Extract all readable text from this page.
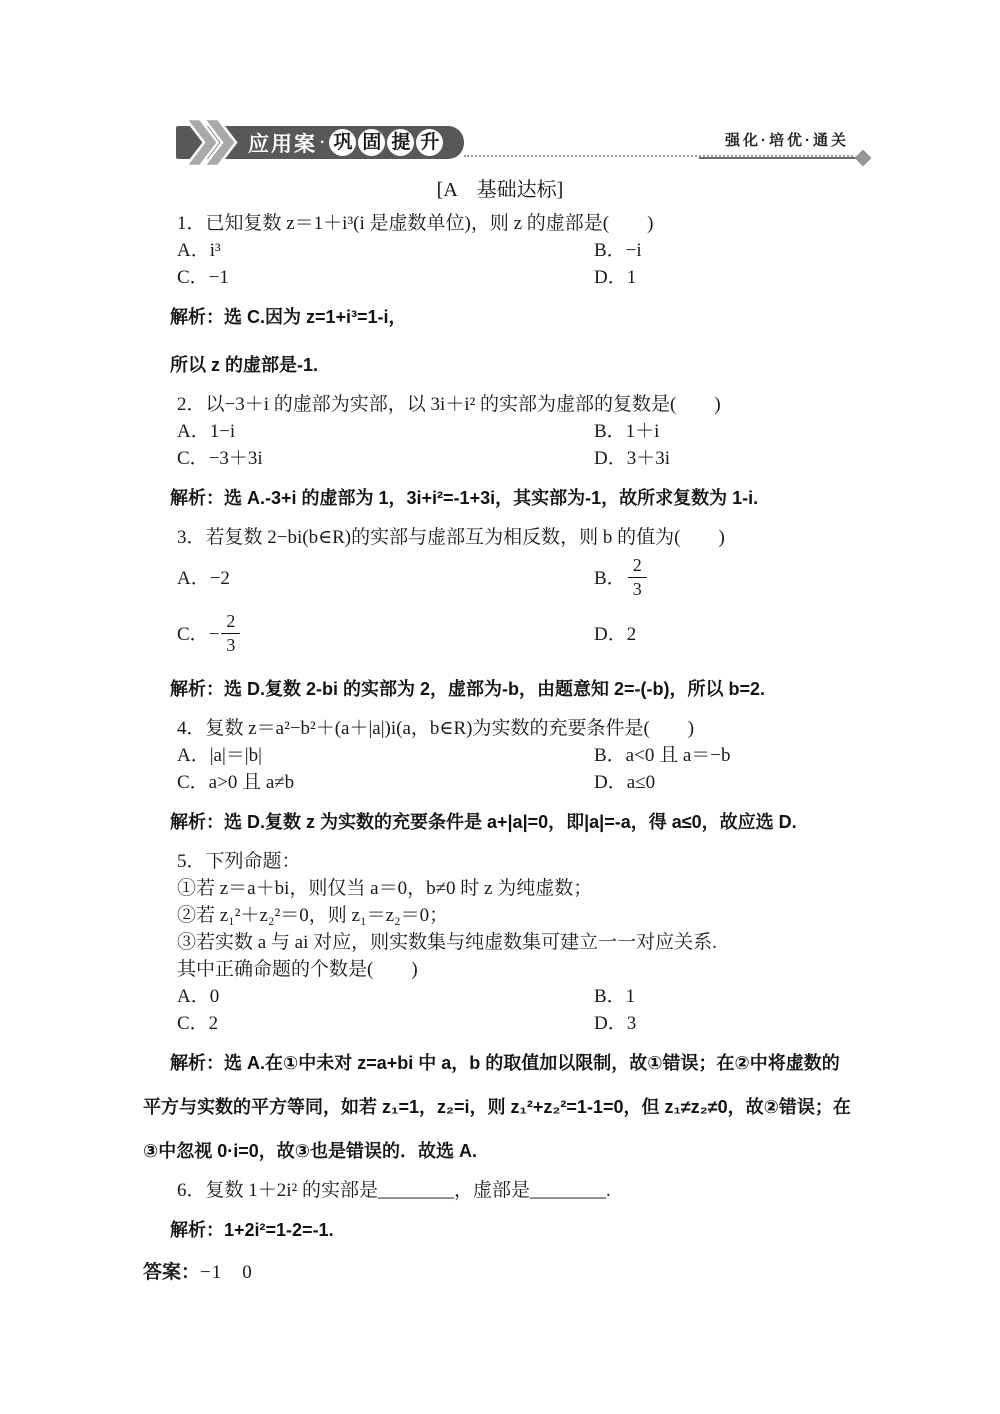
应用案 · 巩 固 提 升	强化·培优·通关
[A　基础达标]

1．已知复数 z＝1＋i³(i 是虚数单位)，则 z 的虚部是(　　)

A．i³	B．−i
C．−1	D．1

解析：选 C.因为 z=1+i³=1-i，

所以 z 的虚部是-1.

2．以−3＋i 的虚部为实部，以 3i＋i² 的实部为虚部的复数是(　　)

A．1−i	B．1＋i
C．−3＋3i	D．3＋3i

解析：选 A.-3+i 的虚部为 1，3i+i²=-1+3i，其实部为-1，故所求复数为 1-i.

3．若复数 2−bi(b∈R)的实部与虚部互为相反数，则 b 的值为(　　)

A．−2	B． $\frac{2}{3}$
C．− $\frac{2}{3}$	D．2

解析：选 D.复数 2-bi 的实部为 2，虚部为-b，由题意知 2=-(-b)，所以 b=2.

4．复数 z＝a²−b²＋(a＋|a|)i(a，b∈R)为实数的充要条件是(　　)

A．|a|＝|b|	B．a<0 且 a＝−b
C．a>0 且 a≠b	D．a≤0

解析：选 D.复数 z 为实数的充要条件是 a+|a|=0，即|a|=-a，得 a≤0，故应选 D.

5．下列命题：

①若 z＝a＋bi，则仅当 a＝0，b≠0 时 z 为纯虚数；

②若 z₁²＋z₂²＝0，则 z₁＝z₂＝0；

③若实数 a 与 ai 对应，则实数集与纯虚数集可建立一一对应关系.

其中正确命题的个数是(　　)

A．0	B．1
C．2	D．3

解析：选 A.在①中未对 z=a+bi 中 a，b 的取值加以限制，故①错误；在②中将虚数的平方与实数的平方等同，如若 z₁=1，z₂=i，则 z₁²+z₂²=1-1=0，但 z₁≠z₂≠0，故②错误；在③中忽视 0·i=0，故③也是错误的．故选 A.

6．复数 1＋2i² 的实部是________，虚部是________.

解析：1+2i²=1-2=-1.

答案：−1　0
